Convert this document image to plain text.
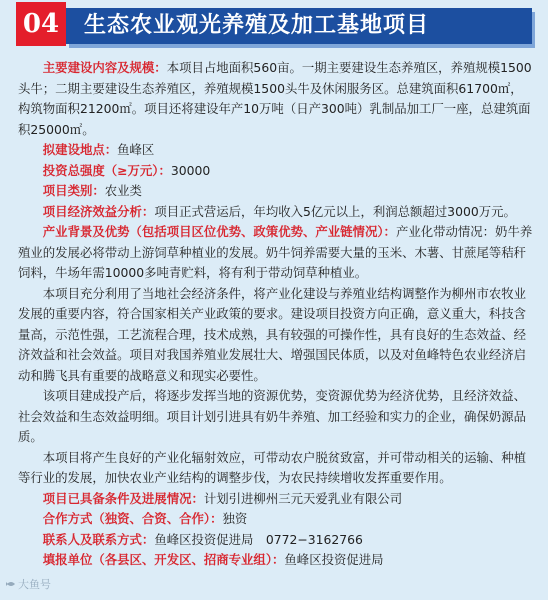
04	生态农业观光养殖及加工基地项目

主要建设内容及规模：本项目占地面积560亩。一期主要建设生态养殖区，养殖规模1500头牛；二期主要建设生态养殖区，养殖规模1500头牛及休闲服务区。总建筑面积61700㎡，构筑物面积21200㎡。项目还将建设年产10万吨（日产300吨）乳制品加工厂一座，总建筑面积25000㎡。

拟建设地点：鱼峰区

投资总强度（≥万元）：30000

项目类别：农业类

项目经济效益分析：项目正式营运后，年均收入5亿元以上，利润总额超过3000万元。

产业背景及优势（包括项目区位优势、政策优势、产业链情况）：产业化带动情况：奶牛养殖业的发展必将带动上游饲草种植业的发展。奶牛饲养需要大量的玉米、木薯、甘蔗尾等秸秆饲料，牛场年需10000多吨青贮料，将有利于带动饲草种植业。

本项目充分利用了当地社会经济条件，将产业化建设与养殖业结构调整作为柳州市农牧业发展的重要内容，符合国家相关产业政策的要求。建设项目投资方向正确，意义重大，科技含量高，示范性强，工艺流程合理，技术成熟，具有较强的可操作性，具有良好的生态效益、经济效益和社会效益。项目对我国养殖业发展壮大、增强国民体质，以及对鱼峰特色农业经济启动和腾飞具有重要的战略意义和现实必要性。

该项目建成投产后，将逐步发挥当地的资源优势，变资源优势为经济优势，且经济效益、社会效益和生态效益明细。项目计划引进具有奶牛养殖、加工经验和实力的企业，确保奶源品质。

本项目将产生良好的产业化辐射效应，可带动农户脱贫致富，并可带动相关的运输、种植等行业的发展，加快农业产业结构的调整步伐，为农民持续增收发挥重要作用。

项目已具备条件及进展情况：计划引进柳州三元天爱乳业有限公司

合作方式（独资、合资、合作）：独资

联系人及联系方式：鱼峰区投资促进局　0772−3162766

填报单位（各县区、开发区、招商专业组）：鱼峰区投资促进局

大鱼号
